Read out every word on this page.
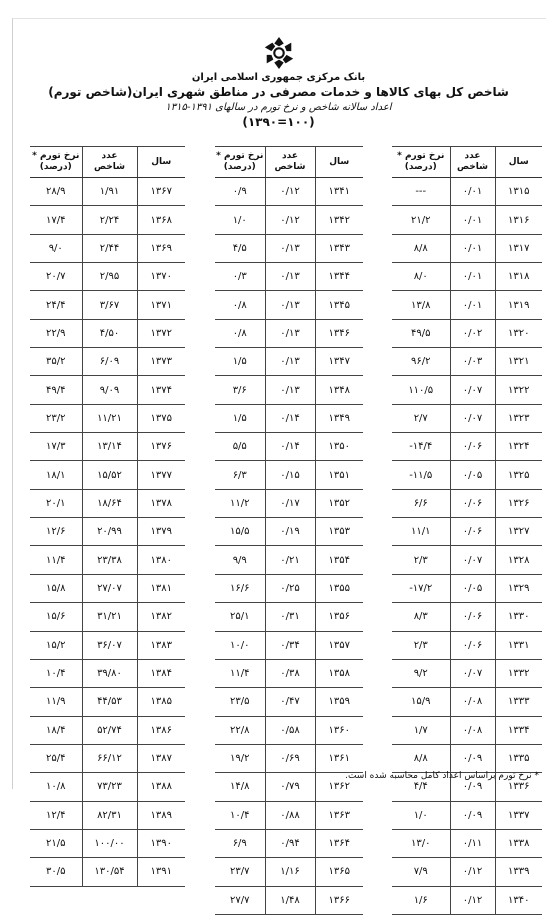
بانک مرکزی جمهوری اسلامی ایران
شاخص کل بهای کالاها و خدمات مصرفی در مناطق شهری ایران(شاخص تورم)
اعداد سالانه شاخص و نرخ تورم در سالهای ۱۳۹۱-۱۳۱۵
(۱۳۹۰=۱۰۰)
سال	عدد
شاخص	نرخ تورم *
(درصد)
۱۳۱۵	۰/۰۱	---
۱۳۱۶	۰/۰۱	۲۱/۲
۱۳۱۷	۰/۰۱	۸/۸
۱۳۱۸	۰/۰۱	۸/۰
۱۳۱۹	۰/۰۱	۱۳/۸
۱۳۲۰	۰/۰۲	۴۹/۵
۱۳۲۱	۰/۰۳	۹۶/۲
۱۳۲۲	۰/۰۷	۱۱۰/۵
۱۳۲۳	۰/۰۷	۲/۷
۱۳۲۴	۰/۰۶	-۱۴/۴
۱۳۲۵	۰/۰۵	-۱۱/۵
۱۳۲۶	۰/۰۶	۶/۶
۱۳۲۷	۰/۰۶	۱۱/۱
۱۳۲۸	۰/۰۷	۲/۳
۱۳۲۹	۰/۰۵	-۱۷/۲
۱۳۳۰	۰/۰۶	۸/۳
۱۳۳۱	۰/۰۶	۲/۳
۱۳۳۲	۰/۰۷	۹/۲
۱۳۳۳	۰/۰۸	۱۵/۹
۱۳۳۴	۰/۰۸	۱/۷
۱۳۳۵	۰/۰۹	۸/۸
۱۳۳۶	۰/۰۹	۴/۴
۱۳۳۷	۰/۰۹	۱/۰
۱۳۳۸	۰/۱۱	۱۳/۰
۱۳۳۹	۰/۱۲	۷/۹
۱۳۴۰	۰/۱۲	۱/۶
سال	عدد
شاخص	نرخ تورم *
(درصد)
۱۳۴۱	۰/۱۲	۰/۹
۱۳۴۲	۰/۱۲	۱/۰
۱۳۴۳	۰/۱۳	۴/۵
۱۳۴۴	۰/۱۳	۰/۳
۱۳۴۵	۰/۱۳	۰/۸
۱۳۴۶	۰/۱۳	۰/۸
۱۳۴۷	۰/۱۳	۱/۵
۱۳۴۸	۰/۱۳	۳/۶
۱۳۴۹	۰/۱۴	۱/۵
۱۳۵۰	۰/۱۴	۵/۵
۱۳۵۱	۰/۱۵	۶/۳
۱۳۵۲	۰/۱۷	۱۱/۲
۱۳۵۳	۰/۱۹	۱۵/۵
۱۳۵۴	۰/۲۱	۹/۹
۱۳۵۵	۰/۲۵	۱۶/۶
۱۳۵۶	۰/۳۱	۲۵/۱
۱۳۵۷	۰/۳۴	۱۰/۰
۱۳۵۸	۰/۳۸	۱۱/۴
۱۳۵۹	۰/۴۷	۲۳/۵
۱۳۶۰	۰/۵۸	۲۲/۸
۱۳۶۱	۰/۶۹	۱۹/۲
۱۳۶۲	۰/۷۹	۱۴/۸
۱۳۶۳	۰/۸۸	۱۰/۴
۱۳۶۴	۰/۹۴	۶/۹
۱۳۶۵	۱/۱۶	۲۳/۷
۱۳۶۶	۱/۴۸	۲۷/۷
سال	عدد
شاخص	نرخ تورم *
(درصد)
۱۳۶۷	۱/۹۱	۲۸/۹
۱۳۶۸	۲/۲۴	۱۷/۴
۱۳۶۹	۲/۴۴	۹/۰
۱۳۷۰	۲/۹۵	۲۰/۷
۱۳۷۱	۳/۶۷	۲۴/۴
۱۳۷۲	۴/۵۰	۲۲/۹
۱۳۷۳	۶/۰۹	۳۵/۲
۱۳۷۴	۹/۰۹	۴۹/۴
۱۳۷۵	۱۱/۲۱	۲۳/۲
۱۳۷۶	۱۳/۱۴	۱۷/۳
۱۳۷۷	۱۵/۵۲	۱۸/۱
۱۳۷۸	۱۸/۶۴	۲۰/۱
۱۳۷۹	۲۰/۹۹	۱۲/۶
۱۳۸۰	۲۳/۳۸	۱۱/۴
۱۳۸۱	۲۷/۰۷	۱۵/۸
۱۳۸۲	۳۱/۲۱	۱۵/۶
۱۳۸۳	۳۶/۰۷	۱۵/۲
۱۳۸۴	۳۹/۸۰	۱۰/۴
۱۳۸۵	۴۴/۵۳	۱۱/۹
۱۳۸۶	۵۲/۷۴	۱۸/۴
۱۳۸۷	۶۶/۱۲	۲۵/۴
۱۳۸۸	۷۳/۲۳	۱۰/۸
۱۳۸۹	۸۲/۳۱	۱۲/۴
۱۳۹۰	۱۰۰/۰۰	۲۱/۵
۱۳۹۱	۱۳۰/۵۴	۳۰/۵
* نرخ تورم براساس اعداد کامل محاسبه شده است.
